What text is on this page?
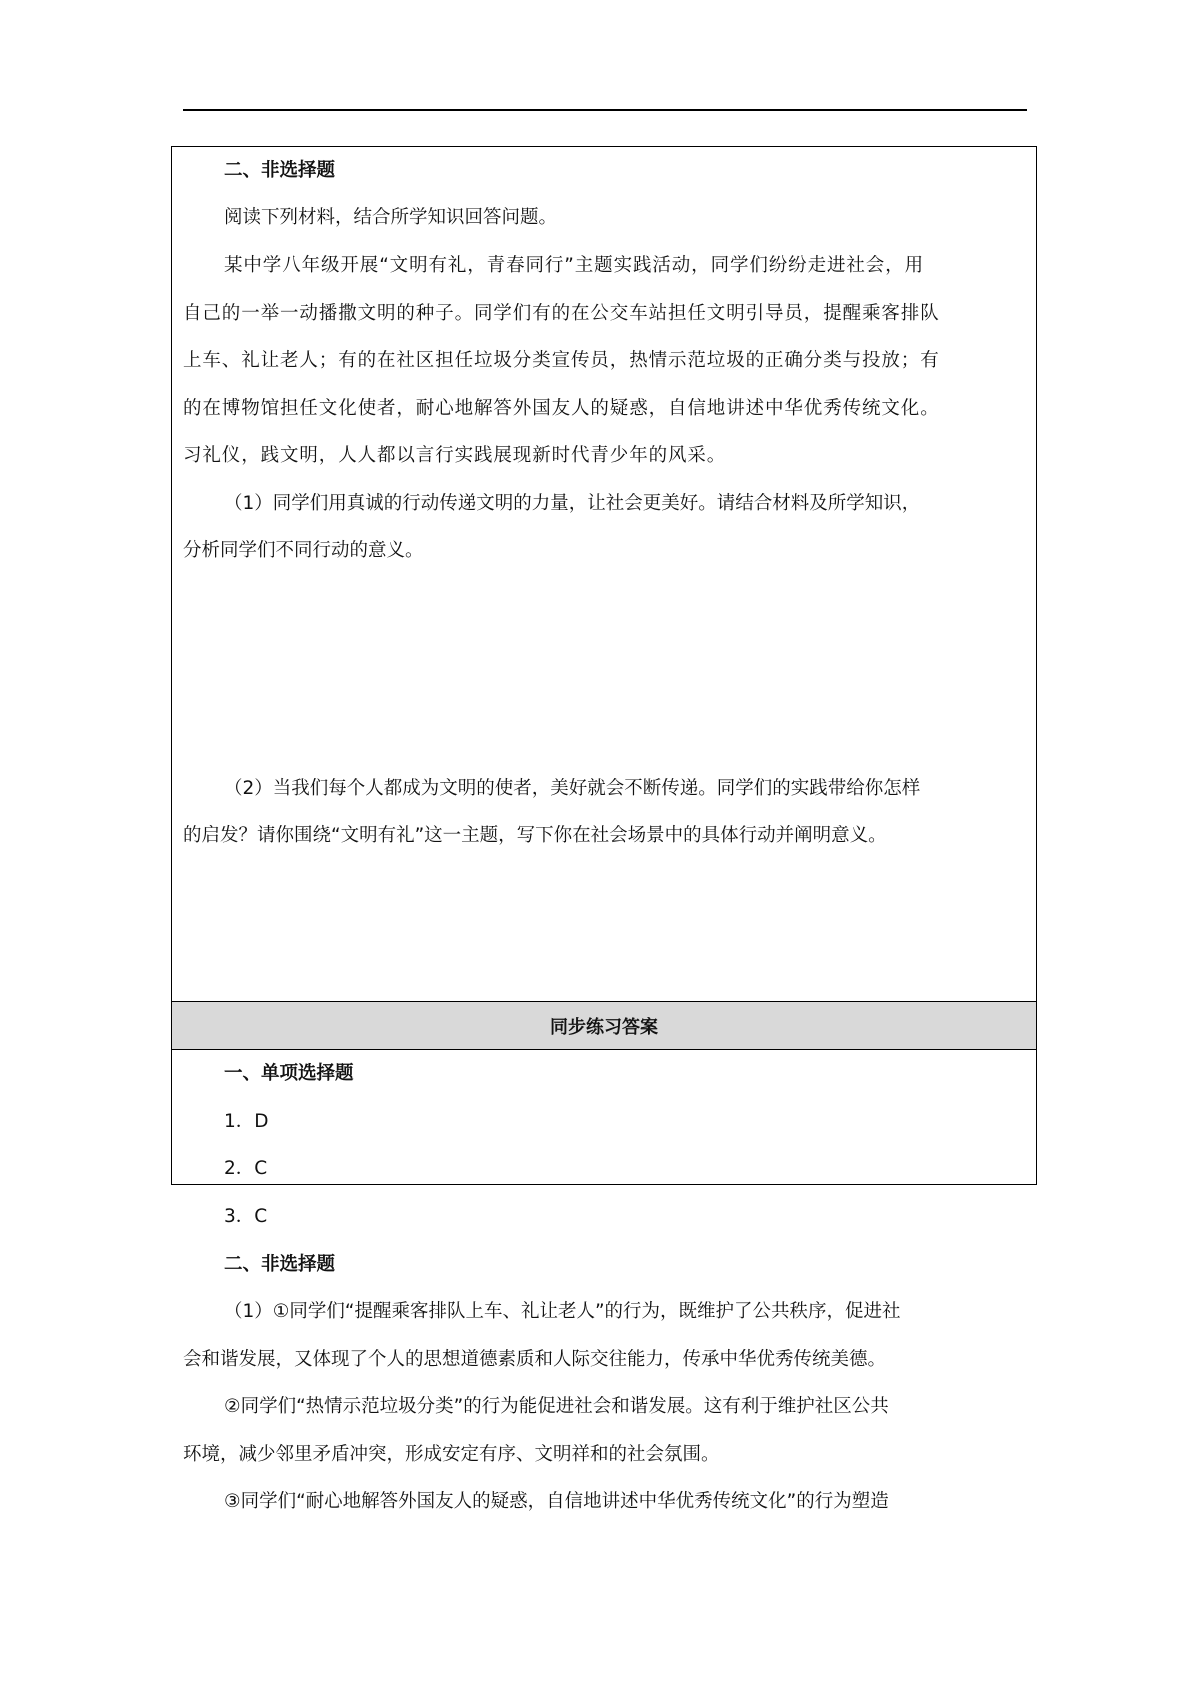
同步练习答案
二、非选择题
阅读下列材料，结合所学知识回答问题。
某中学八年级开展“文明有礼，青春同行”主题实践活动，同学们纷纷走进社会，用
自己的一举一动播撒文明的种子。同学们有的在公交车站担任文明引导员，提醒乘客排队
上车、礼让老人；有的在社区担任垃圾分类宣传员，热情示范垃圾的正确分类与投放；有
的在博物馆担任文化使者，耐心地解答外国友人的疑惑，自信地讲述中华优秀传统文化。
习礼仪，践文明，人人都以言行实践展现新时代青少年的风采。
（1）同学们用真诚的行动传递文明的力量，让社会更美好。请结合材料及所学知识，
分析同学们不同行动的意义。
（2）当我们每个人都成为文明的使者，美好就会不断传递。同学们的实践带给你怎样
的启发？请你围绕“文明有礼”这一主题，写下你在社会场景中的具体行动并阐明意义。
一、单项选择题
1．D
2．C
3．C
二、非选择题
（1）①同学们“提醒乘客排队上车、礼让老人”的行为，既维护了公共秩序，促进社
会和谐发展，又体现了个人的思想道德素质和人际交往能力，传承中华优秀传统美德。
②同学们“热情示范垃圾分类”的行为能促进社会和谐发展。这有利于维护社区公共
环境，减少邻里矛盾冲突，形成安定有序、文明祥和的社会氛围。
③同学们“耐心地解答外国友人的疑惑，自信地讲述中华优秀传统文化”的行为塑造
